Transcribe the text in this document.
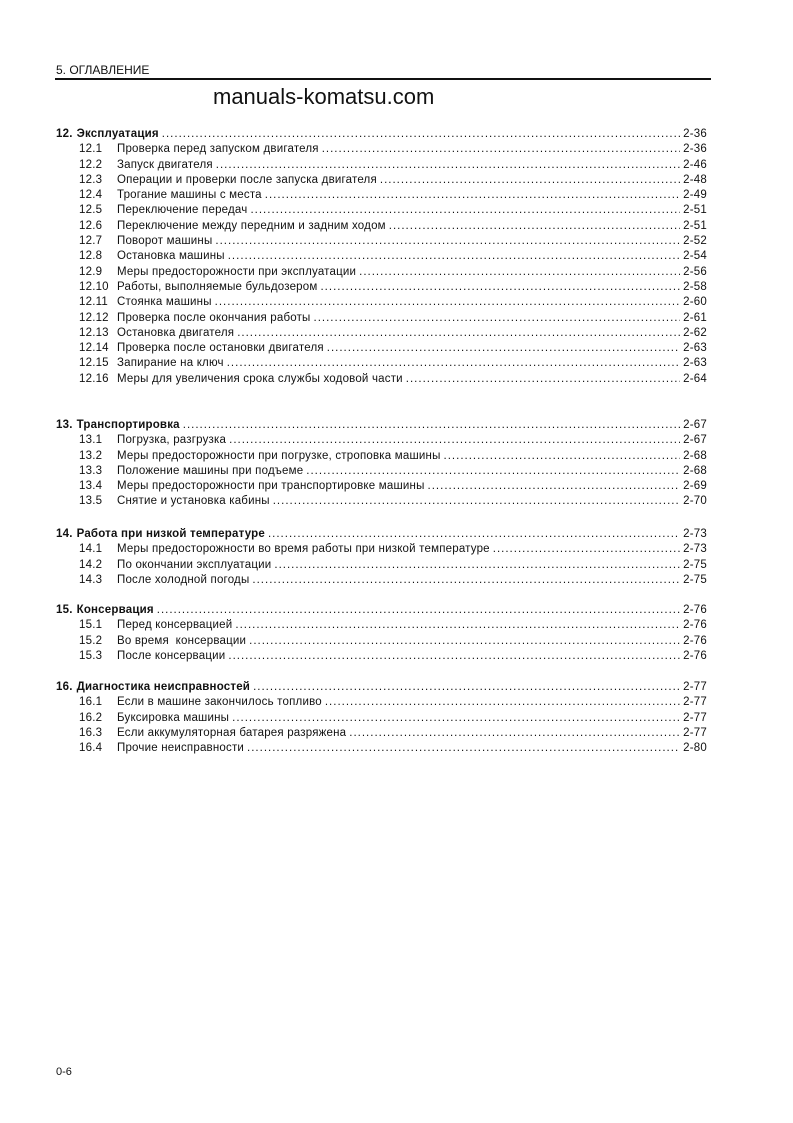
5. ОГЛАВЛЕНИЕ
manuals-komatsu.com
12. Эксплуатация .....	2-36
12.1	Проверка перед запуском двигателя .....	2-36
12.2	Запуск двигателя .....	2-46
12.3	Операции и проверки после запуска двигателя .....	2-48
12.4	Трогание машины с места .....	2-49
12.5	Переключение передач .....	2-51
12.6	Переключение между передним и задним ходом .....	2-51
12.7	Поворот машины .....	2-52
12.8	Остановка машины .....	2-54
12.9	Меры предосторожности при эксплуатации .....	2-56
12.10 Работы, выполняемые бульдозером .....	2-58
12.11 Стоянка машины .....	2-60
12.12 Проверка после окончания работы .....	2-61
12.13 Остановка двигателя .....	2-62
12.14 Проверка после остановки двигателя .....	2-63
12.15 Запирание на ключ .....	2-63
12.16 Меры для увеличения срока службы ходовой части .....	2-64
13. Транспортировка .....	2-67
13.1	Погрузка, разгрузка .....	2-67
13.2	Меры предосторожности при погрузке, строповка машины .....	2-68
13.3	Положение машины при подъеме .....	2-68
13.4	Меры предосторожности при транспортировке машины .....	2-69
13.5	Снятие и установка кабины .....	2-70
14. Работа при низкой температуре .....	2-73
14.1	Меры предосторожности во время работы при низкой температуре .....	2-73
14.2	По окончании эксплуатации .....	2-75
14.3	После холодной погоды .....	2-75
15. Консервация .....	2-76
15.1	Перед консервацией .....	2-76
15.2	Во время  консервации .....	2-76
15.3	После консервации .....	2-76
16. Диагностика неисправностей .....	2-77
16.1	Если в машине закончилось топливо .....	2-77
16.2	Буксировка машины .....	2-77
16.3	Если аккумуляторная батарея разряжена .....	2-77
16.4	Прочие неисправности .....	2-80
0-6
